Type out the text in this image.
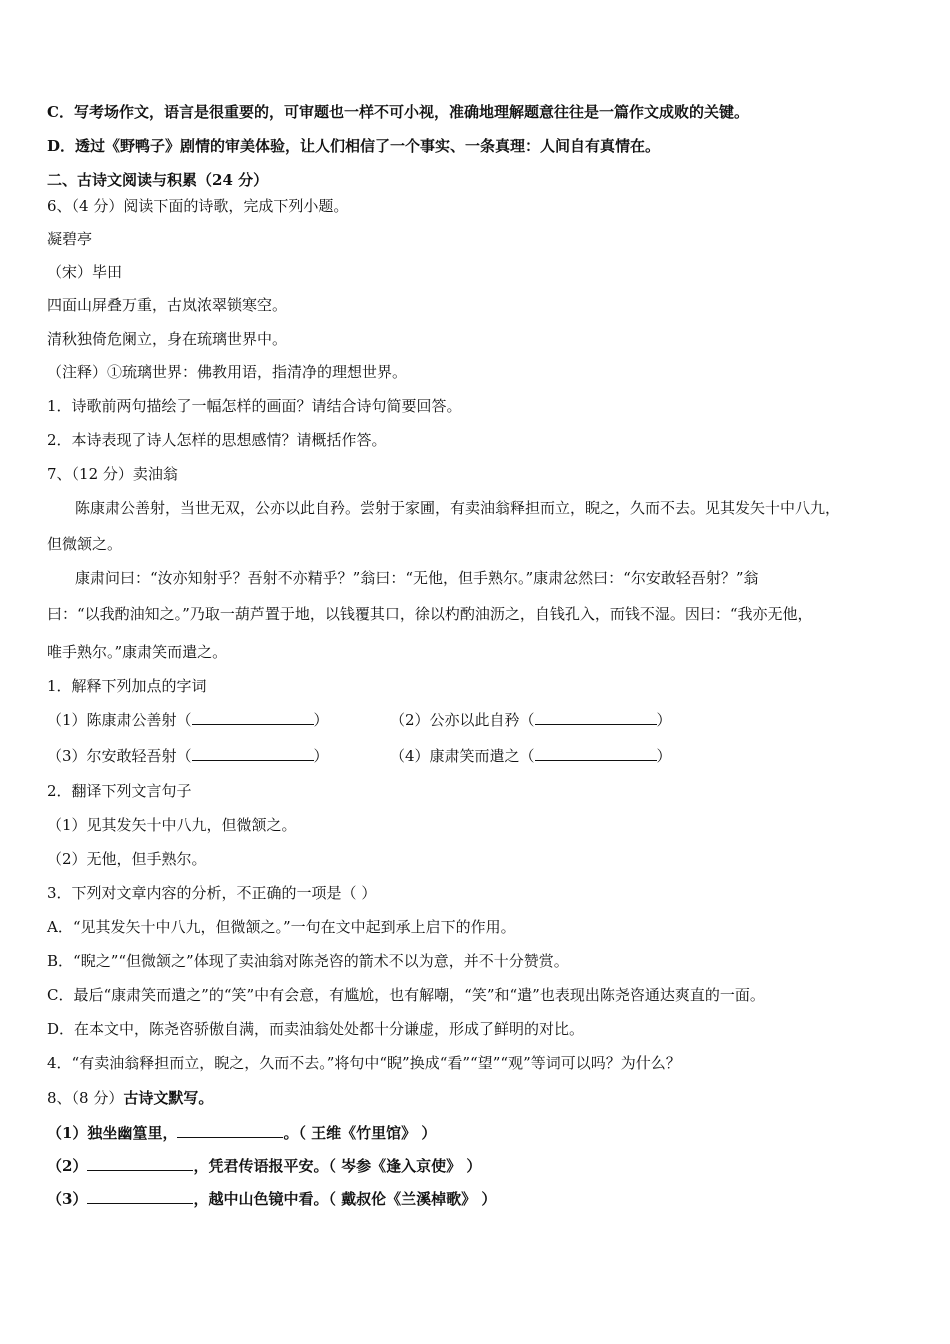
C．写考场作文，语言是很重要的，可审题也一样不可小视，准确地理解题意往往是一篇作文成败的关键。
D．透过《野鸭子》剧情的审美体验，让人们相信了一个事实、一条真理：人间自有真情在。
二、古诗文阅读与积累（24 分）
6、（4 分）阅读下面的诗歌，完成下列小题。
凝碧亭
（宋）毕田
四面山屏叠万重，古岚浓翠锁寒空。
清秋独倚危阑立，身在琉璃世界中。
（注释）①琉璃世界：佛教用语，指清净的理想世界。
1．诗歌前两句描绘了一幅怎样的画面？请结合诗句简要回答。
2．本诗表现了诗人怎样的思想感情？请概括作答。
7、（12 分）卖油翁
陈康肃公善射，当世无双，公亦以此自矜。尝射于家圃，有卖油翁释担而立，睨之，久而不去。见其发矢十中八九，
但微颔之。
康肃问曰：“汝亦知射乎？吾射不亦精乎？”翁曰：“无他，但手熟尔。”康肃忿然曰：“尔安敢轻吾射？”翁
曰：“以我酌油知之。”乃取一葫芦置于地，以钱覆其口，徐以杓酌油沥之，自钱孔入，而钱不湿。因曰：“我亦无他，
唯手熟尔。”康肃笑而遣之。
1．解释下列加点的字词
（1）陈康肃公善射（	）	（2）公亦以此自矜（	）
（3）尔安敢轻吾射（	）	（4）康肃笑而遣之（	）
2．翻译下列文言句子
（1）见其发矢十中八九，但微颔之。
（2）无他，但手熟尔。
3．下列对文章内容的分析，不正确的一项是（ ）
A．“见其发矢十中八九，但微颔之。”一句在文中起到承上启下的作用。
B．“睨之”“但微颔之”体现了卖油翁对陈尧咨的箭术不以为意，并不十分赞赏。
C．最后“康肃笑而遣之”的“笑”中有会意，有尴尬，也有解嘲，“笑”和“遣”也表现出陈尧咨通达爽直的一面。
D．在本文中，陈尧咨骄傲自满，而卖油翁处处都十分谦虚，形成了鲜明的对比。
4．“有卖油翁释担而立，睨之，久而不去。”将句中“睨”换成“看”“望”“观”等词可以吗？为什么？
8、（8 分）古诗文默写。
（1）独坐幽篁里，	。（ 王维《竹里馆》 ）
（2）	，凭君传语报平安。（ 岑参《逢入京使》 ）
（3）	，越中山色镜中看。（ 戴叔伦《兰溪棹歌》 ）
